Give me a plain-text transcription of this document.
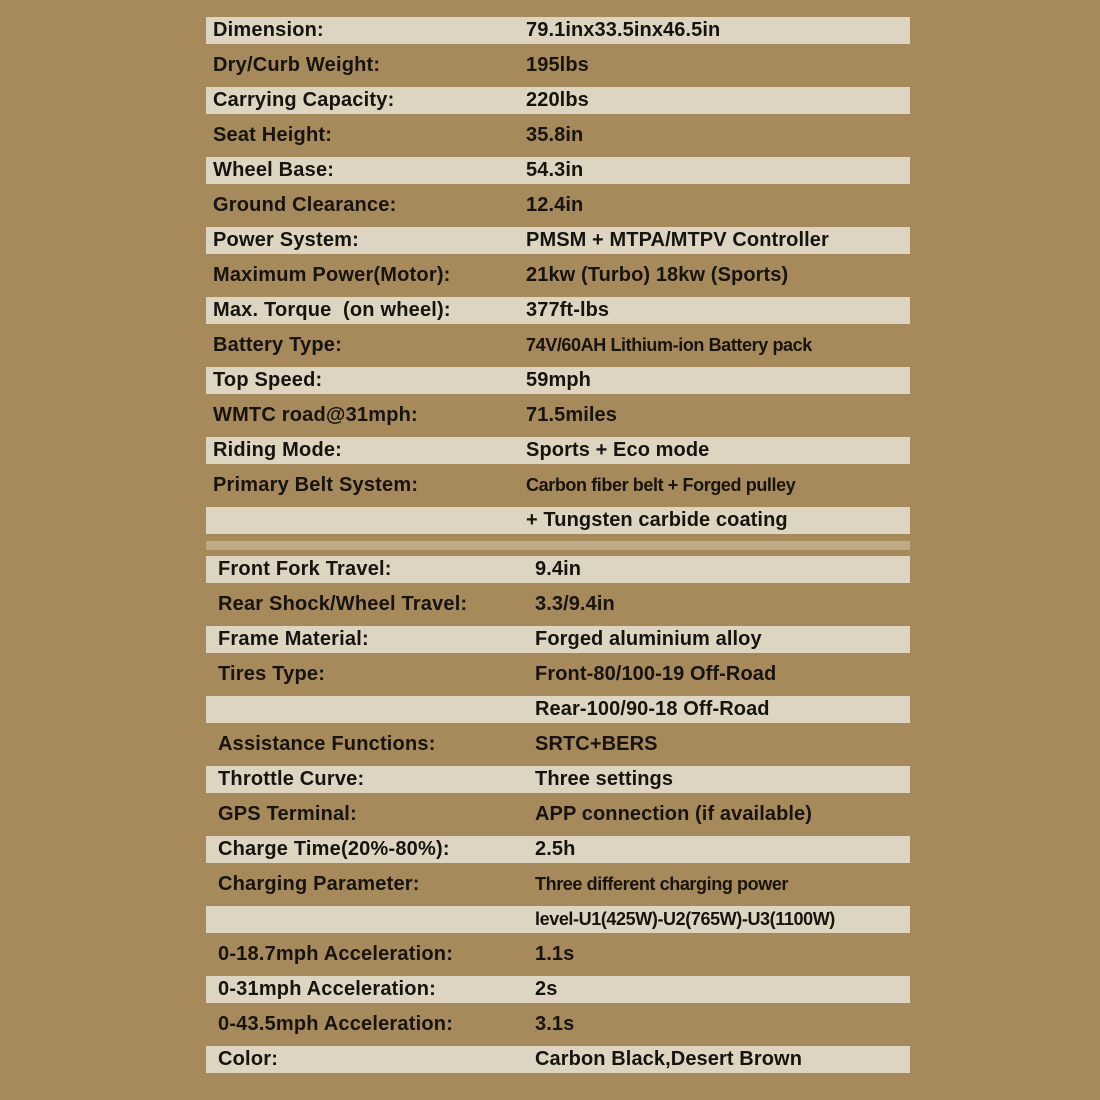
Dimension:	79.1inx33.5inx46.5in
Dry/Curb Weight:	195lbs
Carrying Capacity:	220lbs
Seat Height:	35.8in
Wheel Base:	54.3in
Ground Clearance:	12.4in
Power System:	PMSM + MTPA/MTPV Controller
Maximum Power(Motor):	21kw (Turbo) 18kw (Sports)
Max. Torque  (on wheel):	377ft-lbs
Battery Type:	74V/60AH Lithium-ion Battery pack
Top Speed:	59mph
WMTC road@31mph:	71.5miles
Riding Mode:	Sports + Eco mode
Primary Belt System:	Carbon fiber belt + Forged pulley
+ Tungsten carbide coating
Front Fork Travel:	9.4in
Rear Shock/Wheel Travel:	3.3/9.4in
Frame Material:	Forged aluminium alloy
Tires Type:	Front-80/100-19 Off-Road
Rear-100/90-18 Off-Road
Assistance Functions:	SRTC+BERS
Throttle Curve:	Three settings
GPS Terminal:	APP connection (if available)
Charge Time(20%-80%):	2.5h
Charging Parameter:	Three different charging power
level-U1(425W)-U2(765W)-U3(1100W)
0-18.7mph Acceleration:	1.1s
0-31mph Acceleration:	2s
0-43.5mph Acceleration:	3.1s
Color:	Carbon Black,Desert Brown
